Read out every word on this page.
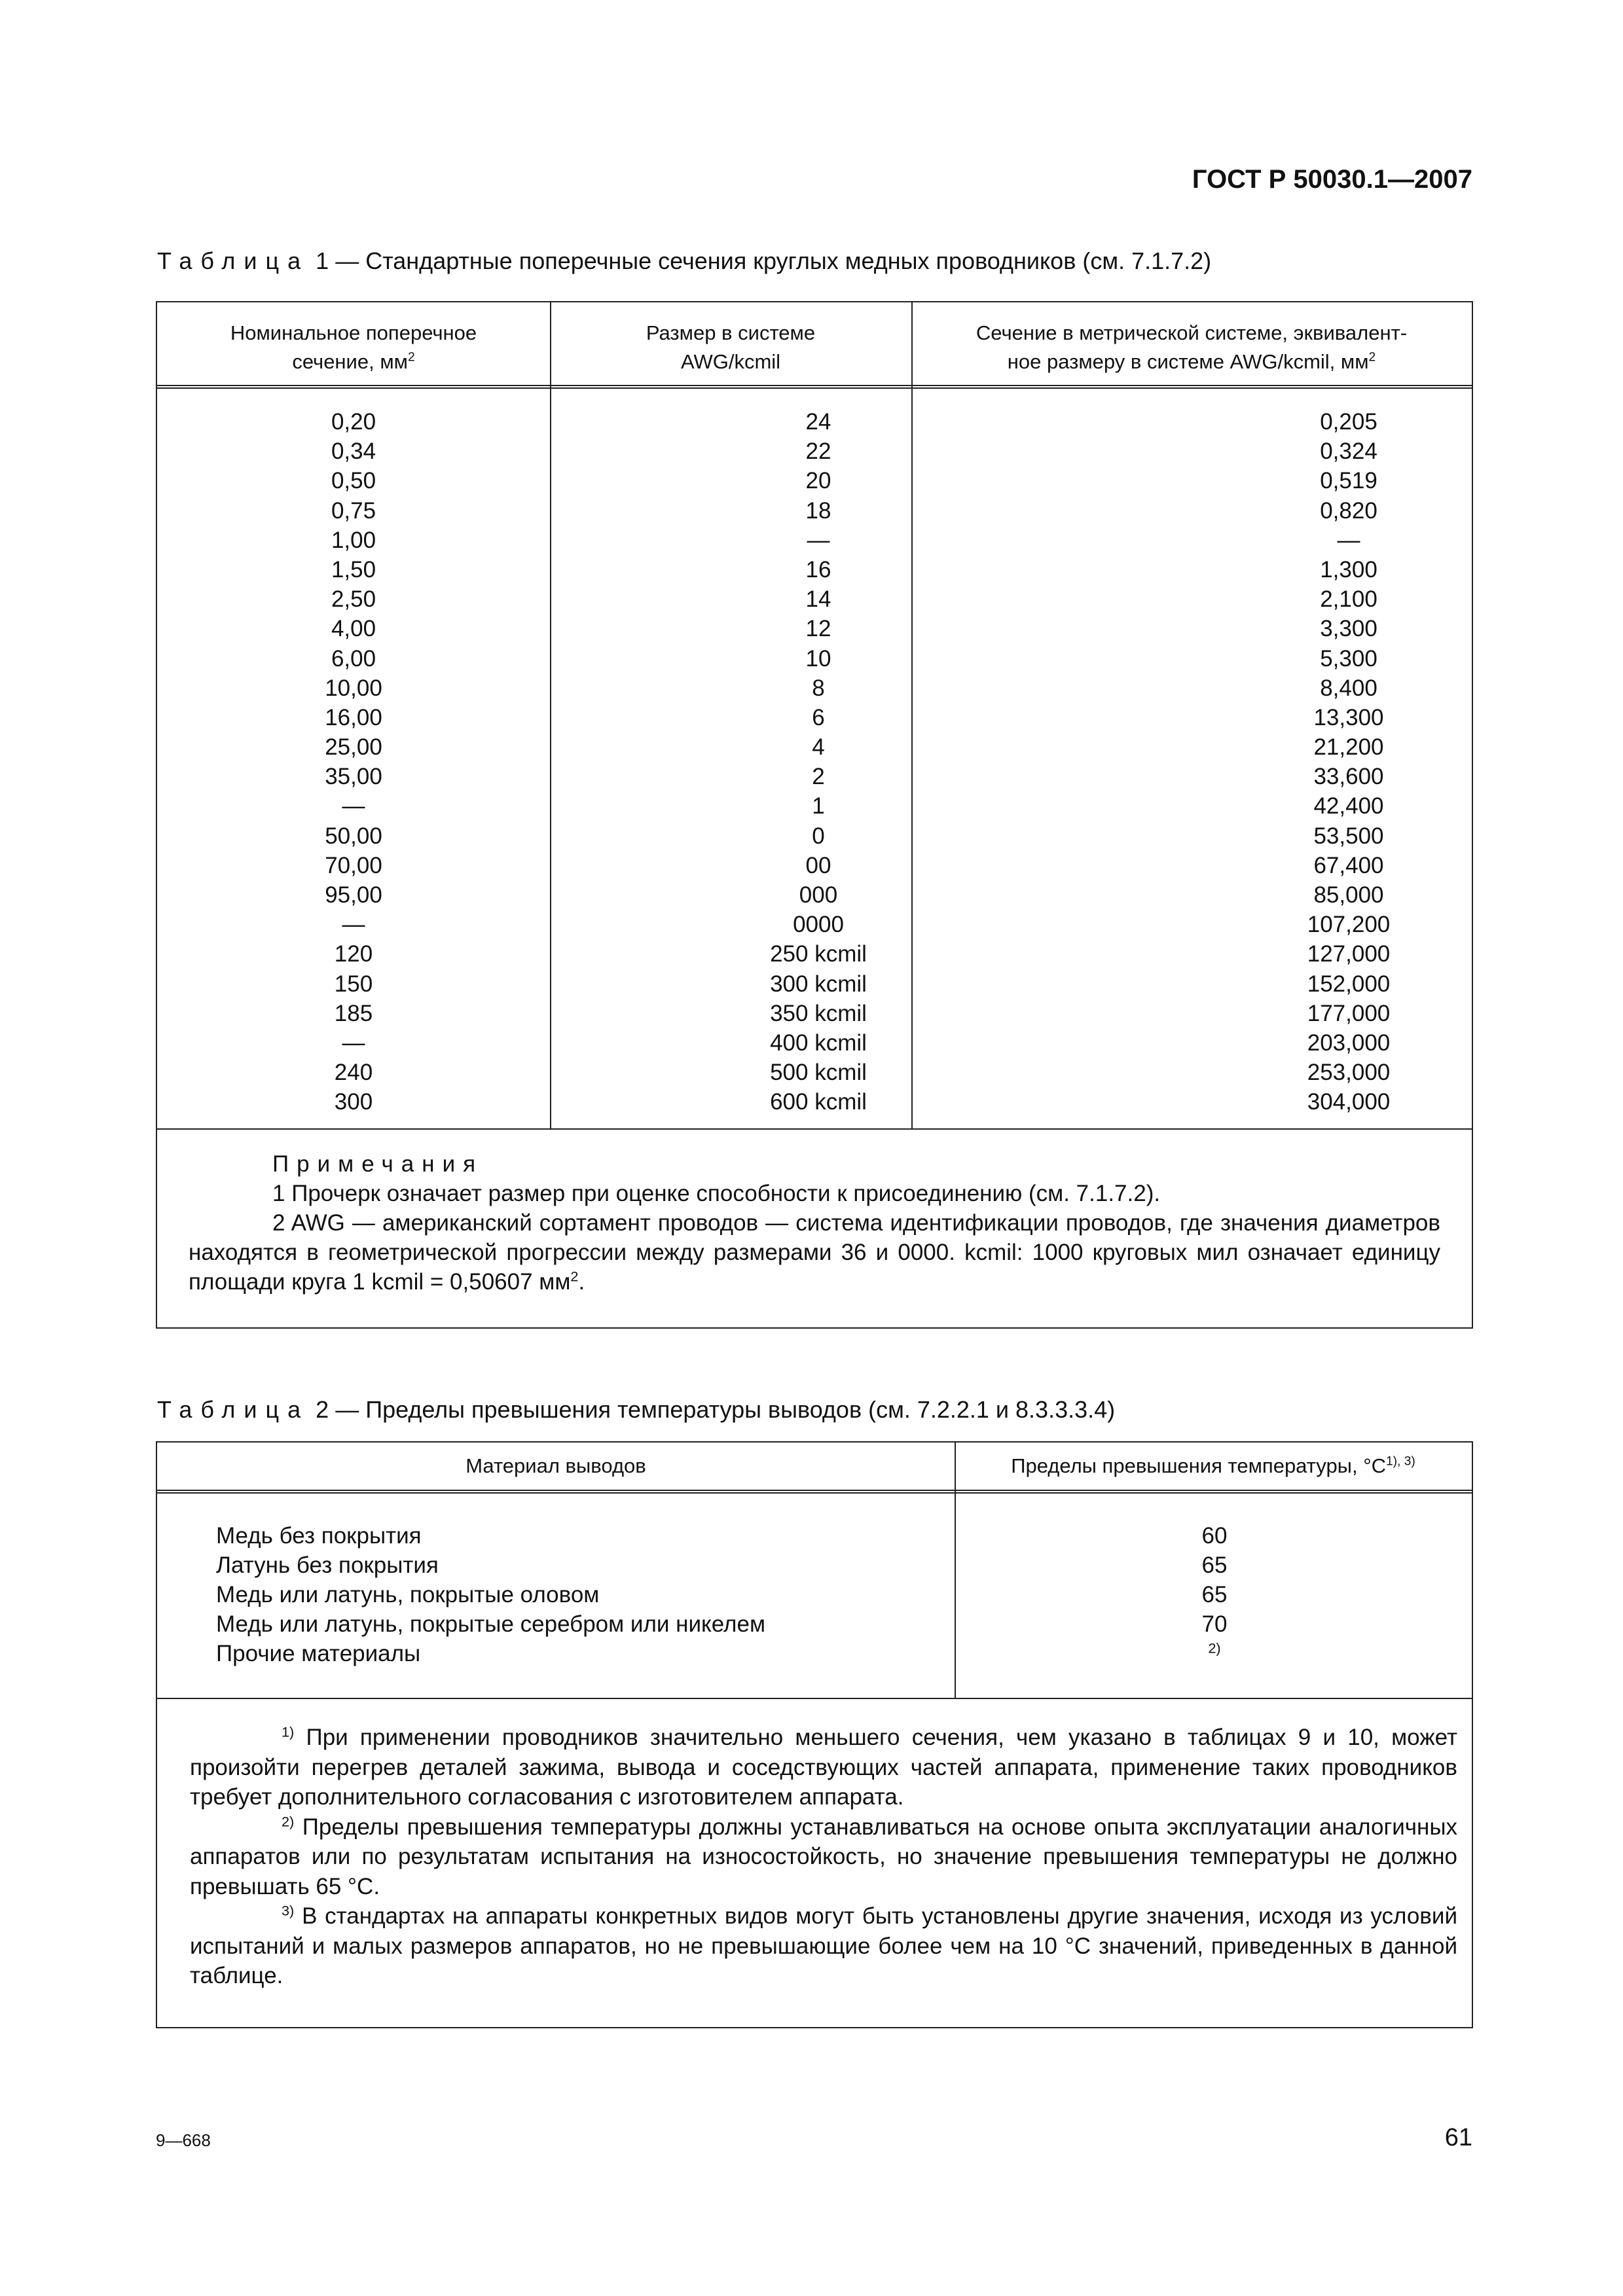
ГОСТ Р 50030.1—2007
Таблица 1 — Стандартные поперечные сечения круглых медных проводников (см. 7.1.7.2)
Номинальное поперечное
сечение, $мм^2$
Размер в системе
AWG/kcmil
Сечение в метрической системе, эквивалент-
ное размеру в системе AWG/kcmil, $мм^2$
0,20
0,34
0,50
0,75
1,00
1,50
2,50
4,00
6,00
10,00
16,00
25,00
35,00
—
50,00
70,00
95,00
—
120
150
185
—
240
300
24
22
20
18
—
16
14
12
10
8
6
4
2
1
0
00
000
0000
250 kcmil
300 kcmil
350 kcmil
400 kcmil
500 kcmil
600 kcmil
0,205
0,324
0,519
0,820
—
1,300
2,100
3,300
5,300
8,400
13,300
21,200
33,600
42,400
53,500
67,400
85,000
107,200
127,000
152,000
177,000
203,000
253,000
304,000

Примечания

1 Прочерк означает размер при оценке способности к присоединению (см. 7.1.7.2).

2 AWG — американский сортамент проводов — система идентификации проводов, где значения диаметров находятся в геометрической прогрессии между размерами 36 и 0000. kcmil: 1000 круговых мил означает единицу площади круга 1 kcmil = 0,50607 $мм^2$.

Таблица 2 — Пределы превышения температуры выводов (см. 7.2.2.1 и 8.3.3.3.4)
Материал выводов	Пределы превышения температуры, $^\circ C^{1), 3)}$
Медь без покрытия
Латунь без покрытия
Медь или латунь, покрытые оловом
Медь или латунь, покрытые серебром или никелем
Прочие материалы
60
65
65
70
$^{2)}$

$^{1)}$ При применении проводников значительно меньшего сечения, чем указано в таблицах 9 и 10, может произойти перегрев деталей зажима, вывода и соседствующих частей аппарата, применение таких проводников требует дополнительного согласования с изготовителем аппарата.

$^{2)}$ Пределы превышения температуры должны устанавливаться на основе опыта эксплуатации аналогичных аппаратов или по результатам испытания на износостойкость, но значение превышения температуры не должно превышать 65 °C.

$^{3)}$ В стандартах на аппараты конкретных видов могут быть установлены другие значения, исходя из условий испытаний и малых размеров аппаратов, но не превышающие более чем на 10 °C значений, приведенных в данной таблице.

9—668	61
